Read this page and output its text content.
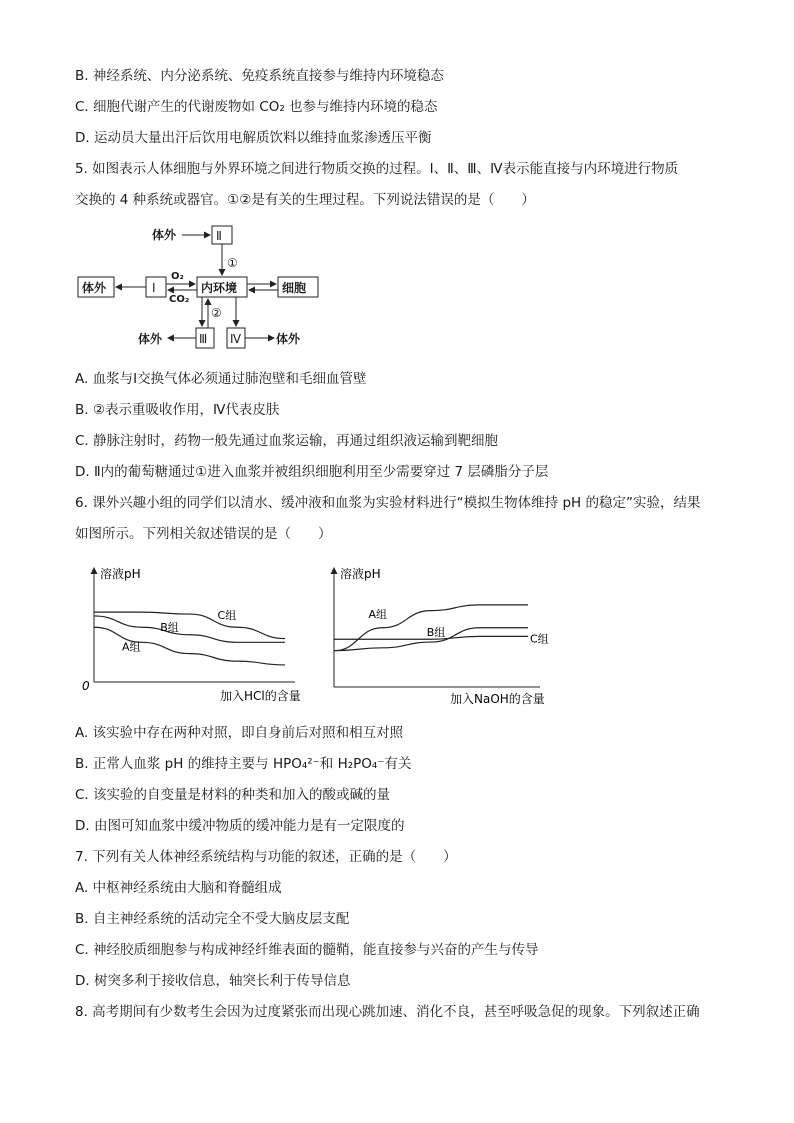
B. 神经系统、内分泌系统、免疫系统直接参与维持内环境稳态
C. 细胞代谢产生的代谢废物如 CO₂ 也参与维持内环境的稳态
D. 运动员大量出汗后饮用电解质饮料以维持血浆渗透压平衡
5. 如图表示人体细胞与外界环境之间进行物质交换的过程。Ⅰ、Ⅱ、Ⅲ、Ⅳ表示能直接与内环境进行物质
交换的 4 种系统或器官。①②是有关的生理过程。下列说法错误的是（　　）
体外	Ⅱ
①
体外	Ⅰ
O₂
CO₂
内环境	细胞
②
Ⅲ Ⅳ
体外	体外
A. 血浆与Ⅰ交换气体必须通过肺泡壁和毛细血管壁
B. ②表示重吸收作用，Ⅳ代表皮肤
C. 静脉注射时，药物一般先通过血浆运输，再通过组织液运输到靶细胞
D. Ⅱ内的葡萄糖通过①进入血浆并被组织细胞利用至少需要穿过 7 层磷脂分子层
6. 课外兴趣小组的同学们以清水、缓冲液和血浆为实验材料进行“模拟生物体维持 pH 的稳定”实验，结果
如图所示。下列相关叙述错误的是（　　）
溶液pH
0
加入HCl的含量
C组
B组
A组
溶液pH
加入NaOH的含量
A组
B组	C组
A. 该实验中存在两种对照，即自身前后对照和相互对照
B. 正常人血浆 pH 的维持主要与 HPO₄²⁻和 H₂PO₄⁻有关
C. 该实验的自变量是材料的种类和加入的酸或碱的量
D. 由图可知血浆中缓冲物质的缓冲能力是有一定限度的
7. 下列有关人体神经系统结构与功能的叙述，正确的是（　　）
A. 中枢神经系统由大脑和脊髓组成
B. 自主神经系统的活动完全不受大脑皮层支配
C. 神经胶质细胞参与构成神经纤维表面的髓鞘，能直接参与兴奋的产生与传导
D. 树突多利于接收信息，轴突长利于传导信息
8. 高考期间有少数考生会因为过度紧张而出现心跳加速、消化不良，甚至呼吸急促的现象。下列叙述正确
